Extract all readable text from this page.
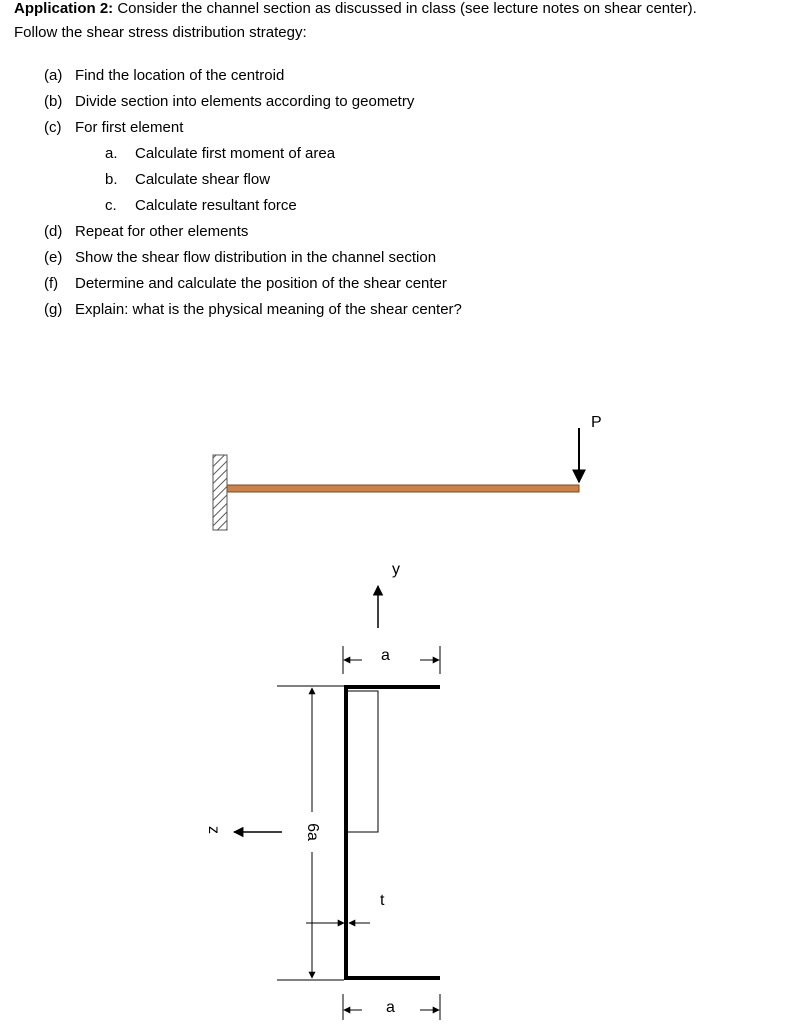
Application 2: Consider the channel section as discussed in class (see lecture notes on shear center).
Follow the shear stress distribution strategy:
(a) Find the location of the centroid
(b) Divide section into elements according to geometry
(c) For first element
a. Calculate first moment of area
b. Calculate shear flow
c. Calculate resultant force
(d) Repeat for other elements
(e) Show the shear flow distribution in the channel section
(f) Determine and calculate the position of the shear center
(g) Explain: what is the physical meaning of the shear center?
P
y
z
a
a
6a
t
